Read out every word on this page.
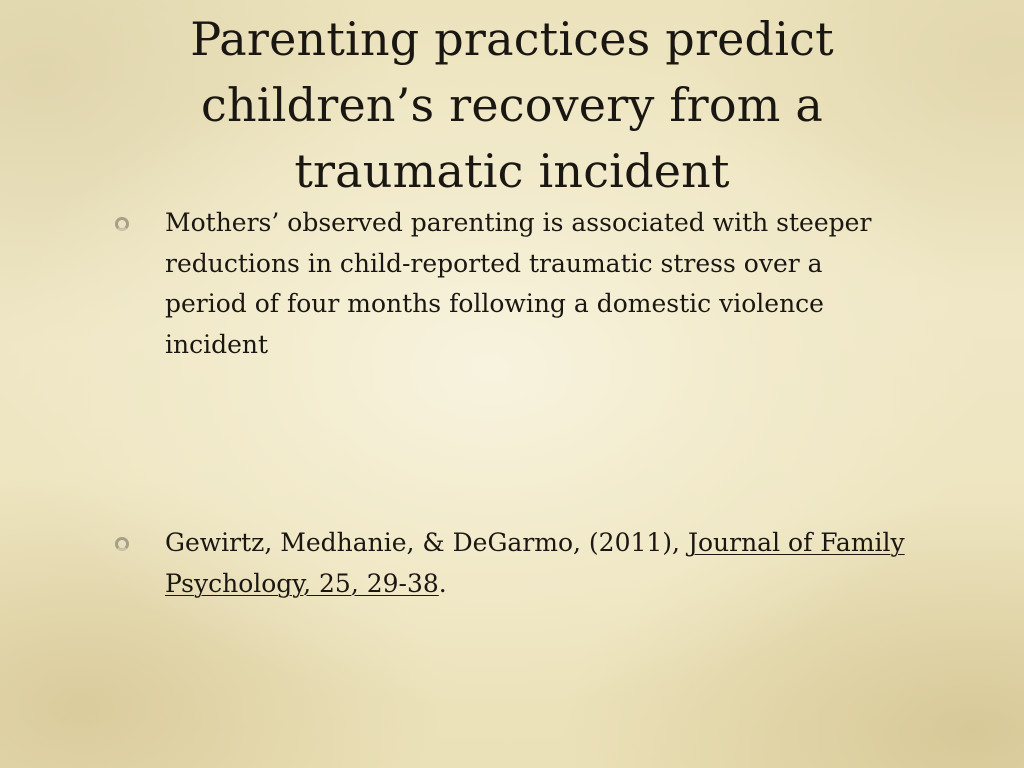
Parenting practices predict children’s recovery from a traumatic incident
Mothers’ observed parenting is associated with steeper reductions in child-reported traumatic stress over a period of four months following a domestic violence incident
Gewirtz, Medhanie, & DeGarmo, (2011), Journal of Family Psychology, 25, 29-38.
